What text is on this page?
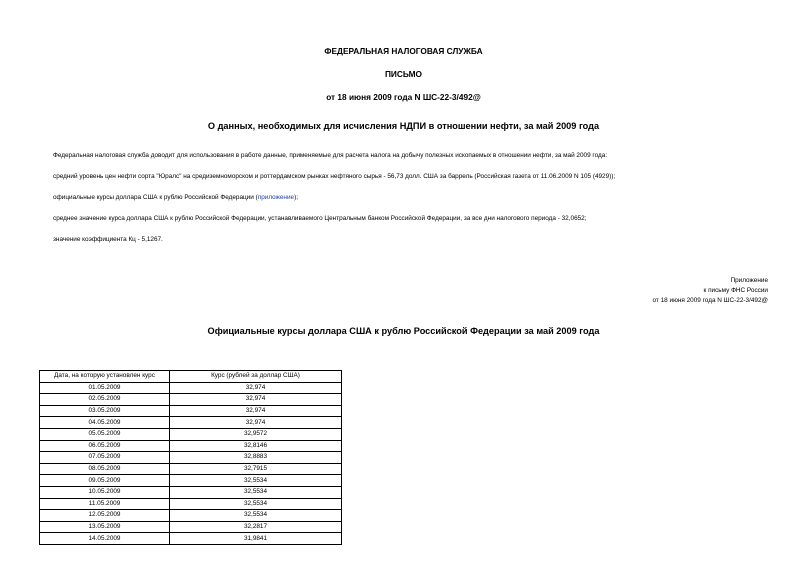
ФЕДЕРАЛЬНАЯ НАЛОГОВАЯ СЛУЖБА
ПИСЬМО
от 18 июня 2009 года N ШС-22-3/492@
О данных, необходимых для исчисления НДПИ в отношении нефти, за май 2009 года
Федеральная налоговая служба доводит для использования в работе данные, применяемые для расчета налога на добычу полезных ископаемых в отношении нефти, за май 2009 года:
средний уровень цен нефти сорта "Юралс" на средиземноморском и роттердамском рынках нефтяного сырья - 56,73 долл. США за баррель (Российская газета от 11.06.2009 N 105 (4929));
официальные курсы доллара США к рублю Российской Федерации (приложение);
среднее значение курса доллара США к рублю Российской Федерации, устанавливаемого Центральным банком Российской Федерации, за все дни налогового периода - 32,0652;
значение коэффициента Кц - 5,1267.
Приложение
к письму ФНС России
от 18 июня 2009 года N ШС-22-3/492@
Официальные курсы доллара США к рублю Российской Федерации за май 2009 года
Дата, на которую установлен курс	Курс (рублей за доллар США)
01.05.2009	32,974
02.05.2009	32,974
03.05.2009	32,974
04.05.2009	32,974
05.05.2009	32,9572
06.05.2009	32,8146
07.05.2009	32,8883
08.05.2009	32,7915
09.05.2009	32,5534
10.05.2009	32,5534
11.05.2009	32,5534
12.05.2009	32,5534
13.05.2009	32,2817
14.05.2009	31,9841
